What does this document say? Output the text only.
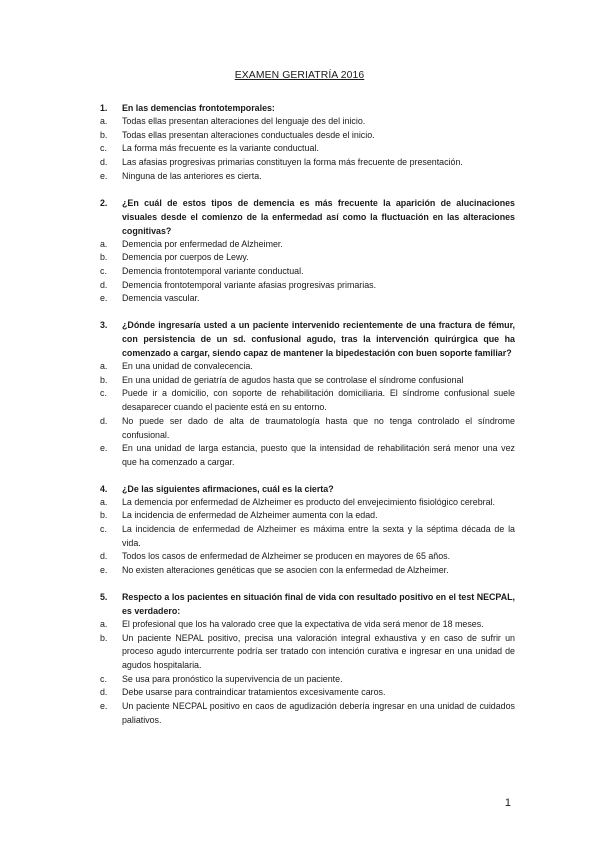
EXAMEN GERIATRÍA 2016
1. En las demencias frontotemporales:
a. Todas ellas presentan alteraciones del lenguaje des del inicio.
b. Todas ellas presentan alteraciones conductuales desde el inicio.
c. La forma más frecuente es la variante conductual.
d. Las afasias progresivas primarias constituyen la forma más frecuente de presentación.
e. Ninguna de las anteriores es cierta.
2. ¿En cuál de estos tipos de demencia es más frecuente la aparición de alucinaciones visuales desde el comienzo de la enfermedad así como la fluctuación en las alteraciones cognitivas?
a. Demencia por enfermedad de Alzheimer.
b. Demencia por cuerpos de Lewy.
c. Demencia frontotemporal variante conductual.
d. Demencia frontotemporal variante afasias progresivas primarias.
e. Demencia vascular.
3. ¿Dónde ingresaría usted a un paciente intervenido recientemente de una fractura de fémur, con persistencia de un sd. confusional agudo, tras la intervención quirúrgica que ha comenzado a cargar, siendo capaz de mantener la bipedestación con buen soporte familiar?
a. En una unidad de convalecencia.
b. En una unidad de geriatría de agudos hasta que se controlase el síndrome confusional
c. Puede ir a domicilio, con soporte de rehabilitación domiciliaria. El síndrome confusional suele desaparecer cuando el paciente está en su entorno.
d. No puede ser dado de alta de traumatología hasta que no tenga controlado el síndrome confusional.
e. En una unidad de larga estancia, puesto que la intensidad de rehabilitación será menor una vez que ha comenzado a cargar.
4. ¿De las siguientes afirmaciones, cuál es la cierta?
a. La demencia por enfermedad de Alzheimer es producto del envejecimiento fisiológico cerebral.
b. La incidencia de enfermedad de Alzheimer aumenta con la edad.
c. La incidencia de enfermedad de Alzheimer es máxima entre la sexta y la séptima década de la vida.
d. Todos los casos de enfermedad de Alzheimer se producen en mayores de 65 años.
e. No existen alteraciones genéticas que se asocien con la enfermedad de Alzheimer.
5. Respecto a los pacientes en situación final de vida con resultado positivo en el test NECPAL, es verdadero:
a. El profesional que los ha valorado cree que la expectativa de vida será menor de 18 meses.
b. Un paciente NEPAL positivo, precisa una valoración integral exhaustiva y en caso de sufrir un proceso agudo intercurrente podría ser tratado con intención curativa e ingresar en una unidad de agudos hospitalaria.
c. Se usa para pronóstico la supervivencia de un paciente.
d. Debe usarse para contraindicar tratamientos excesivamente caros.
e. Un paciente NECPAL positivo en caos de agudización debería ingresar en una unidad de cuidados paliativos.
1
